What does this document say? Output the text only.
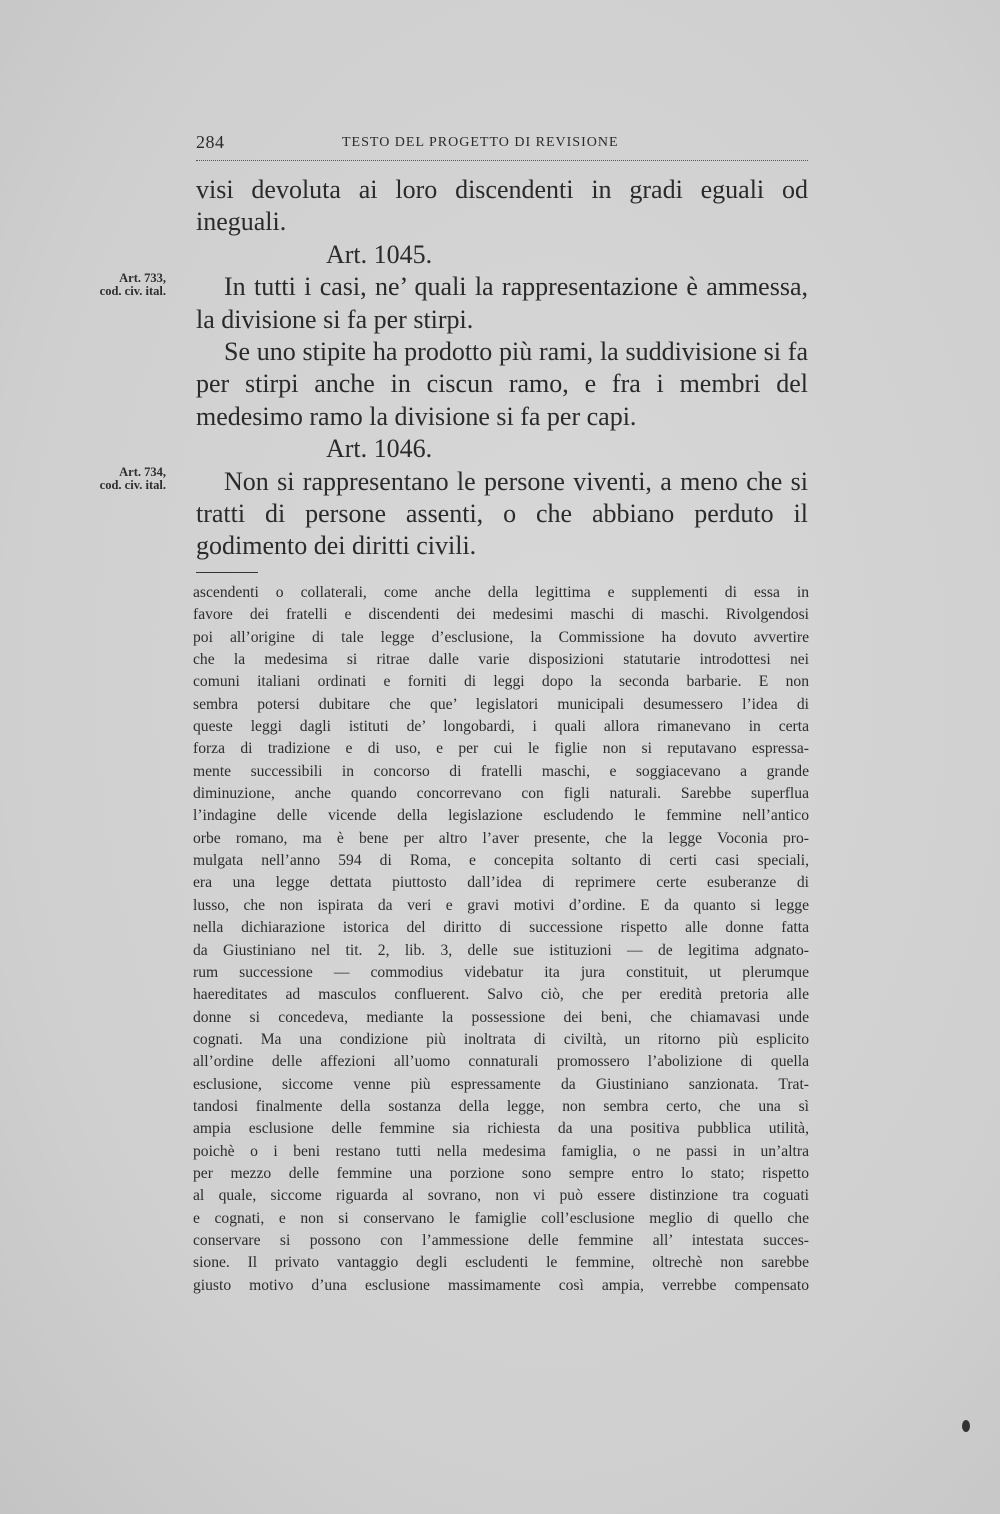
284	TESTO DEL PROGETTO DI REVISIONE
Art. 733,
cod. civ. ital.
Art. 734,
cod. civ. ital.

visi devoluta ai loro discendenti in gradi eguali od ineguali.

Art. 1045.

In tutti i casi, ne’ quali la rappresentazione è ammessa, la divisione si fa per stirpi.

Se uno stipite ha prodotto più rami, la suddivisione si fa per stirpi anche in ciscun ramo, e fra i membri del medesimo ramo la divisione si fa per capi.

Art. 1046.

Non si rappresentano le persone viventi, a meno che si tratti di persone assenti, o che abbiano perduto il godimento dei diritti civili.

ascendenti o collaterali, come anche della legittima e supplementi di essa in
favore dei fratelli e discendenti dei medesimi maschi di maschi. Rivolgendosi
poi all’origine di tale legge d’esclusione, la Commissione ha dovuto avvertire
che la medesima si ritrae dalle varie disposizioni statutarie introdottesi nei
comuni italiani ordinati e forniti di leggi dopo la seconda barbarie. E non
sembra potersi dubitare che que’ legislatori municipali desumessero l’idea di
queste leggi dagli istituti de’ longobardi, i quali allora rimanevano in certa
forza di tradizione e di uso, e per cui le figlie non si reputavano espressa-
mente successibili in concorso di fratelli maschi, e soggiacevano a grande
diminuzione, anche quando concorrevano con figli naturali. Sarebbe superflua
l’indagine delle vicende della legislazione escludendo le femmine nell’antico
orbe romano, ma è bene per altro l’aver presente, che la legge Voconia pro-
mulgata nell’anno 594 di Roma, e concepita soltanto di certi casi speciali,
era una legge dettata piuttosto dall’idea di reprimere certe esuberanze di
lusso, che non ispirata da veri e gravi motivi d’ordine. E da quanto si legge
nella dichiarazione istorica del diritto di successione rispetto alle donne fatta
da Giustiniano nel tit. 2, lib. 3, delle sue istituzioni — de legitima adgnato-
rum successione — commodius videbatur ita jura constituit, ut plerumque
haereditates ad masculos confluerent. Salvo ciò, che per eredità pretoria alle
donne si concedeva, mediante la possessione dei beni, che chiamavasi unde
cognati. Ma una condizione più inoltrata di civiltà, un ritorno più esplicito
all’ordine delle affezioni all’uomo connaturali promossero l’abolizione di quella
esclusione, siccome venne più espressamente da Giustiniano sanzionata. Trat-
tandosi finalmente della sostanza della legge, non sembra certo, che una sì
ampia esclusione delle femmine sia richiesta da una positiva pubblica utilità,
poichè o i beni restano tutti nella medesima famiglia, o ne passi in un’altra
per mezzo delle femmine una porzione sono sempre entro lo stato; rispetto
al quale, siccome riguarda al sovrano, non vi può essere distinzione tra coguati
e cognati, e non si conservano le famiglie coll’esclusione meglio di quello che
conservare si possono con l’ammessione delle femmine all’ intestata succes-
sione. Il privato vantaggio degli escludenti le femmine, oltrechè non sarebbe
giusto motivo d’una esclusione massimamente così ampia, verrebbe compensato
